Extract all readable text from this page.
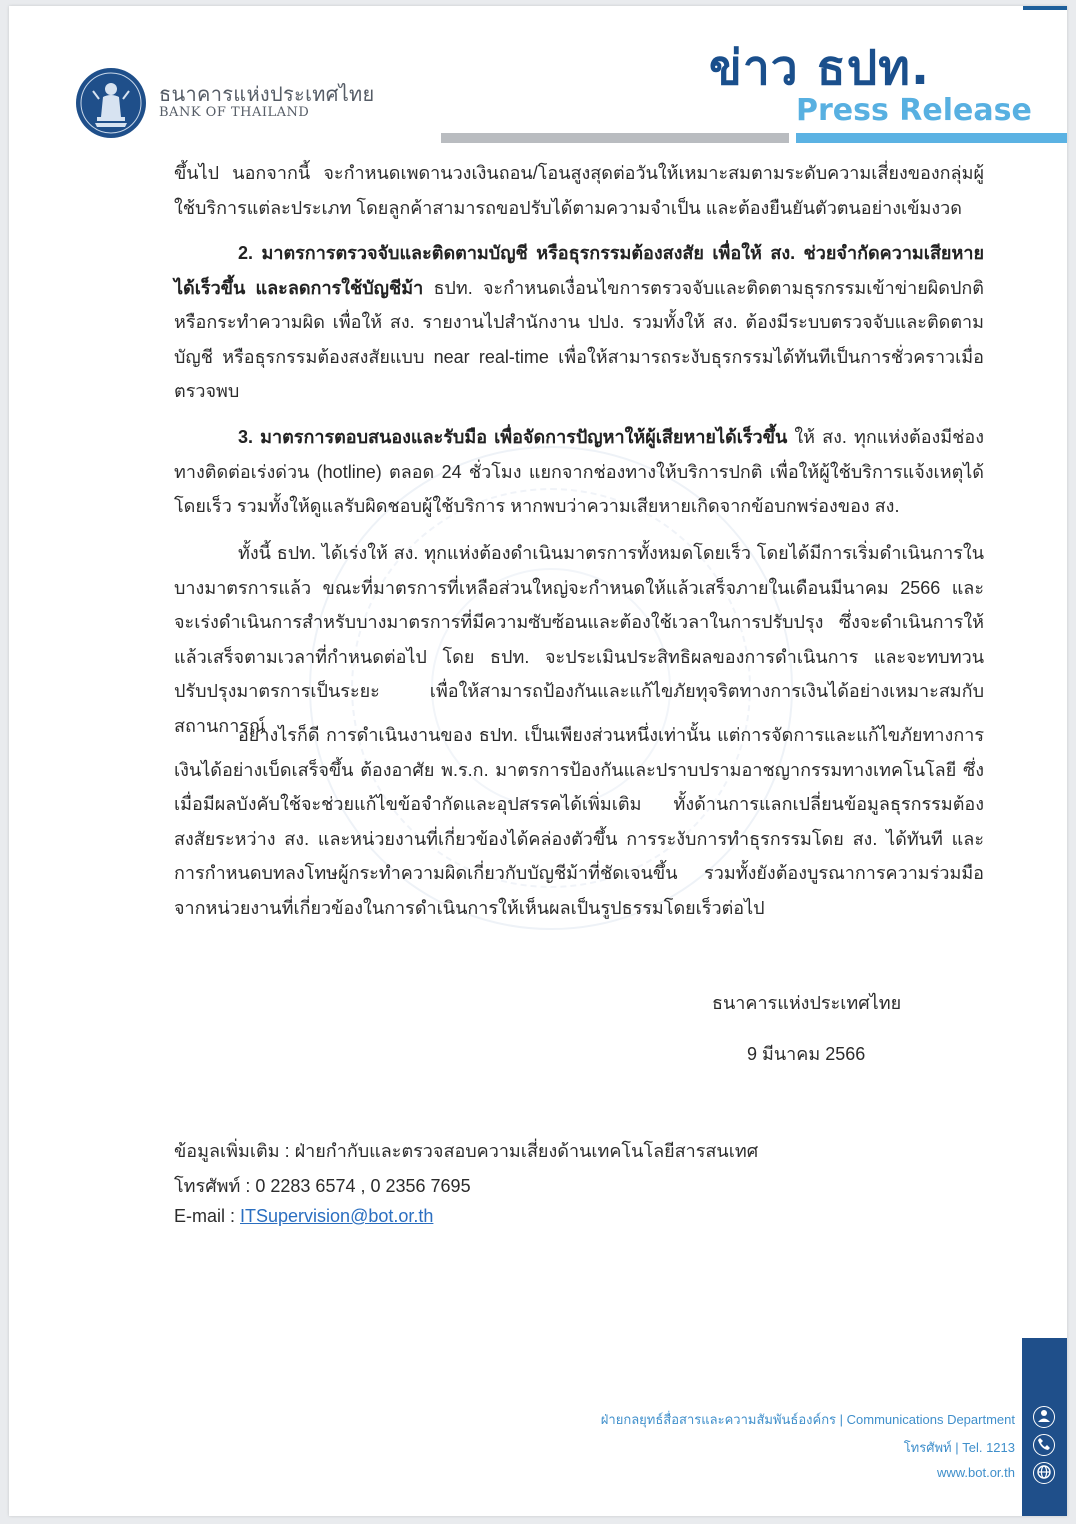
ธนาคารแห่งประเทศไทย
BANK OF THAILAND
ข่าว ธปท.
Press Release

ขึ้นไป นอกจากนี้ จะกำหนดเพดานวงเงินถอน/โอนสูงสุดต่อวันให้เหมาะสมตามระดับความเสี่ยงของกลุ่มผู้ใช้บริการแต่ละประเภท โดยลูกค้าสามารถขอปรับได้ตามความจำเป็น และต้องยืนยันตัวตนอย่างเข้มงวด

2. มาตรการตรวจจับและติดตามบัญชี หรือธุรกรรมต้องสงสัย เพื่อให้ สง. ช่วยจำกัดความเสียหายได้เร็วขึ้น และลดการใช้บัญชีม้า ธปท. จะกำหนดเงื่อนไขการตรวจจับและติดตามธุรกรรมเข้าข่ายผิดปกติ หรือกระทำความผิด เพื่อให้ สง. รายงานไปสำนักงาน ปปง. รวมทั้งให้ สง. ต้องมีระบบตรวจจับและติดตามบัญชี หรือธุรกรรมต้องสงสัยแบบ near real-time เพื่อให้สามารถระงับธุรกรรมได้ทันทีเป็นการชั่วคราวเมื่อตรวจพบ

3. มาตรการตอบสนองและรับมือ เพื่อจัดการปัญหาให้ผู้เสียหายได้เร็วขึ้น ให้ สง. ทุกแห่งต้องมีช่องทางติดต่อเร่งด่วน (hotline) ตลอด 24 ชั่วโมง แยกจากช่องทางให้บริการปกติ เพื่อให้ผู้ใช้บริการแจ้งเหตุได้โดยเร็ว รวมทั้งให้ดูแลรับผิดชอบผู้ใช้บริการ หากพบว่าความเสียหายเกิดจากข้อบกพร่องของ สง.

ทั้งนี้ ธปท. ได้เร่งให้ สง. ทุกแห่งต้องดำเนินมาตรการทั้งหมดโดยเร็ว โดยได้มีการเริ่มดำเนินการในบางมาตรการแล้ว ขณะที่มาตรการที่เหลือส่วนใหญ่จะกำหนดให้แล้วเสร็จภายในเดือนมีนาคม 2566 และจะเร่งดำเนินการสำหรับบางมาตรการที่มีความซับซ้อนและต้องใช้เวลาในการปรับปรุง ซึ่งจะดำเนินการให้แล้วเสร็จตามเวลาที่กำหนดต่อไป โดย ธปท. จะประเมินประสิทธิผลของการดำเนินการ และจะทบทวนปรับปรุงมาตรการเป็นระยะ เพื่อให้สามารถป้องกันและแก้ไขภัยทุจริตทางการเงินได้อย่างเหมาะสมกับสถานการณ์

อย่างไรก็ดี การดำเนินงานของ ธปท. เป็นเพียงส่วนหนึ่งเท่านั้น แต่การจัดการและแก้ไขภัยทางการเงินได้อย่างเบ็ดเสร็จขึ้น ต้องอาศัย พ.ร.ก. มาตรการป้องกันและปราบปรามอาชญากรรมทางเทคโนโลยี ซึ่งเมื่อมีผลบังคับใช้จะช่วยแก้ไขข้อจำกัดและอุปสรรคได้เพิ่มเติม ทั้งด้านการแลกเปลี่ยนข้อมูลธุรกรรมต้องสงสัยระหว่าง สง. และหน่วยงานที่เกี่ยวข้องได้คล่องตัวขึ้น การระงับการทำธุรกรรมโดย สง. ได้ทันที และการกำหนดบทลงโทษผู้กระทำความผิดเกี่ยวกับบัญชีม้าที่ชัดเจนขึ้น รวมทั้งยังต้องบูรณาการความร่วมมือจากหน่วยงานที่เกี่ยวข้องในการดำเนินการให้เห็นผลเป็นรูปธรรมโดยเร็วต่อไป

ธนาคารแห่งประเทศไทย
9 มีนาคม 2566
ข้อมูลเพิ่มเติม : ฝ่ายกำกับและตรวจสอบความเสี่ยงด้านเทคโนโลยีสารสนเทศ
โทรศัพท์ : 0 2283 6574 , 0 2356 7695
E-mail : ITSupervision@bot.or.th
ฝ่ายกลยุทธ์สื่อสารและความสัมพันธ์องค์กร | Communications Department
โทรศัพท์ | Tel. 1213
www.bot.or.th
